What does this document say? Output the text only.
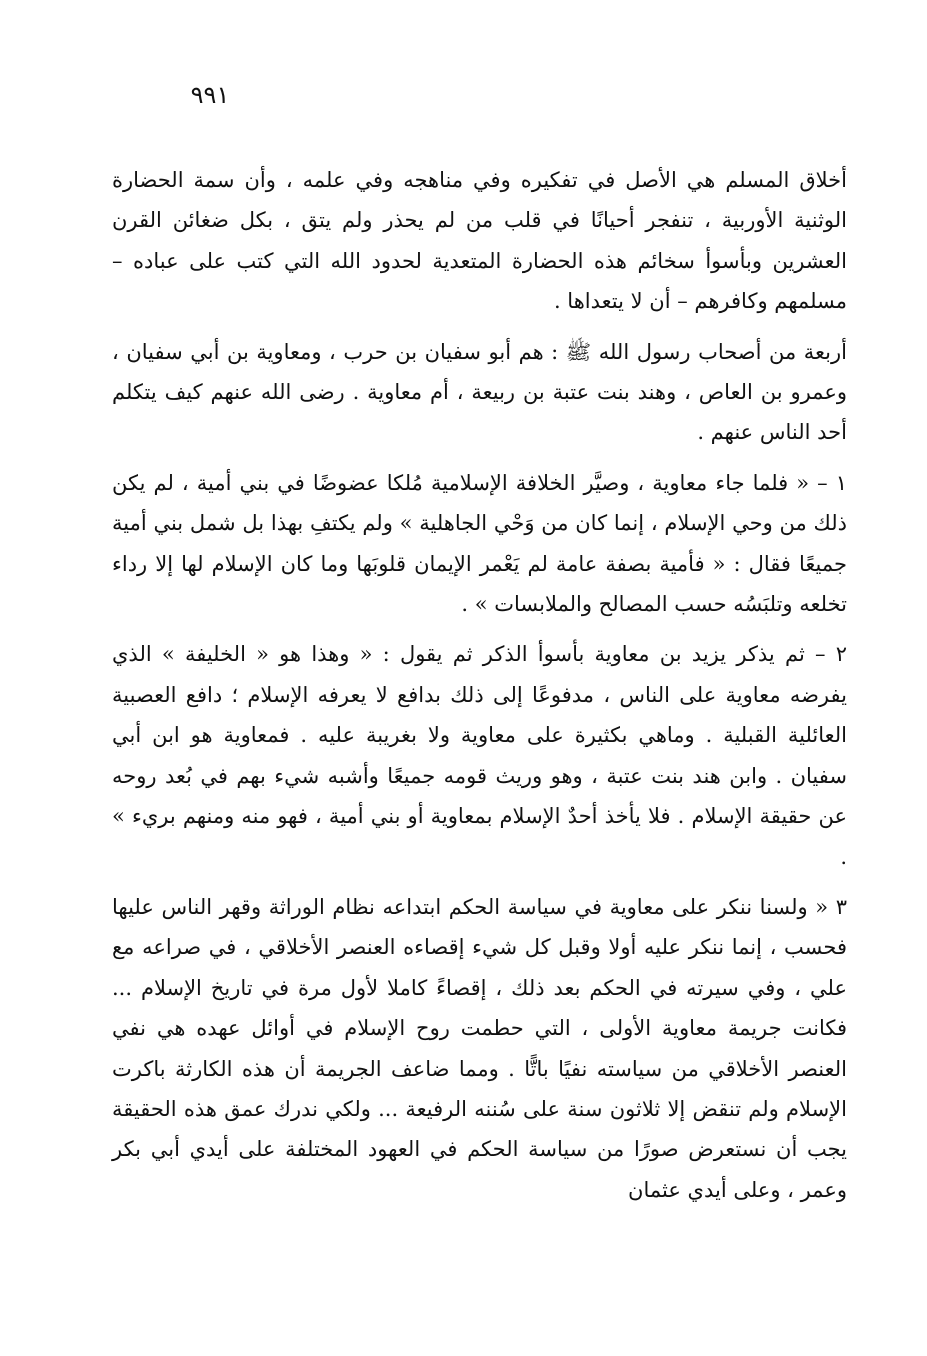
٩٩١

أخلاق المسلم هي الأصل في تفكيره وفي مناهجه وفي علمه ، وأن سمة الحضارة الوثنية الأوربية ، تنفجر أحيانًا في قلب من لم يحذر ولم يتق ، بكل ضغائن القرن العشرين وبأسوأ سخائم هذه الحضارة المتعدية لحدود الله التي كتب على عباده – مسلمهم وكافرهم – أن لا يتعداها .

أربعة من أصحاب رسول الله ﷺ : هم أبو سفيان بن حرب ، ومعاوية بن أبي سفيان ، وعمرو بن العاص ، وهند بنت عتبة بن ربيعة ، أم معاوية . رضى الله عنهم كيف يتكلم أحد الناس عنهم .

١ – « فلما جاء معاوية ، وصيَّر الخلافة الإسلامية مُلكا عضوضًا في بني أمية ، لم يكن ذلك من وحي الإسلام ، إنما كان من وَحْي الجاهلية » ولم يكتفِ بهذا بل شمل بني أمية جميعًا فقال : « فأمية بصفة عامة لم يَعْمر الإيمان قلوبَها وما كان الإسلام لها إلا رداء تخلعه وتلبَسُه حسب المصالح والملابسات » .

٢ – ثم يذكر يزيد بن معاوية بأسوأ الذكر ثم يقول : « وهذا هو « الخليفة » الذي يفرضه معاوية على الناس ، مدفوعًا إلى ذلك بدافع لا يعرفه الإسلام ؛ دافع العصبية العائلية القبلية . وماهي بكثيرة على معاوية ولا بغريبة عليه . فمعاوية هو ابن أبي سفيان . وابن هند بنت عتبة ، وهو وريث قومه جميعًا وأشبه شيء بهم في بُعد روحه عن حقيقة الإسلام . فلا يأخذ أحدٌ الإسلام بمعاوية أو بني أمية ، فهو منه ومنهم بريء » .

٣ « ولسنا ننكر على معاوية في سياسة الحكم ابتداعه نظام الوراثة وقهر الناس عليها فحسب ، إنما ننكر عليه أولا وقبل كل شيء إقصاءه العنصر الأخلاقي ، في صراعه مع علي ، وفي سيرته في الحكم بعد ذلك ، إقصاءً كاملا لأول مرة في تاريخ الإسلام ... فكانت جريمة معاوية الأولى ، التي حطمت روح الإسلام في أوائل عهده هي نفي العنصر الأخلاقي من سياسته نفيًا باتًّا . ومما ضاعف الجريمة أن هذه الكارثة باكرت الإسلام ولم تنقض إلا ثلاثون سنة على سُننه الرفيعة ... ولكي ندرك عمق هذه الحقيقة يجب أن نستعرض صورًا من سياسة الحكم في العهود المختلفة على أيدي أبي بكر وعمر ، وعلى أيدي عثمان
